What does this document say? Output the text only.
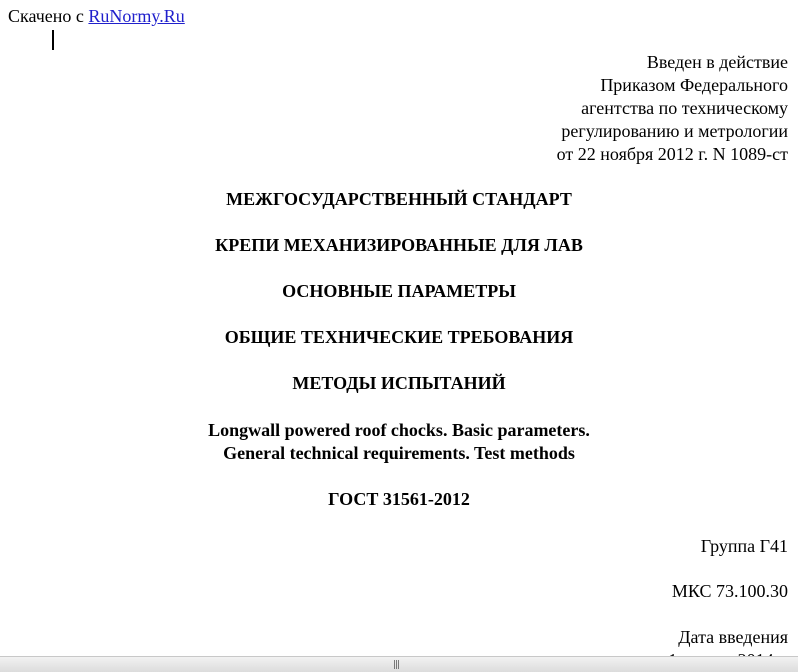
Скачено с RuNormy.Ru
Введен в действие
Приказом Федерального
агентства по техническому
регулированию и метрологии
от 22 ноября 2012 г. N 1089-ст
МЕЖГОСУДАРСТВЕННЫЙ СТАНДАРТ
КРЕПИ МЕХАНИЗИРОВАННЫЕ ДЛЯ ЛАВ
ОСНОВНЫЕ ПАРАМЕТРЫ
ОБЩИЕ ТЕХНИЧЕСКИЕ ТРЕБОВАНИЯ
МЕТОДЫ ИСПЫТАНИЙ
Longwall powered roof chocks. Basic parameters.
General technical requirements. Test methods
ГОСТ 31561-2012
Группа Г41
МКС 73.100.30
Дата введения
|||
